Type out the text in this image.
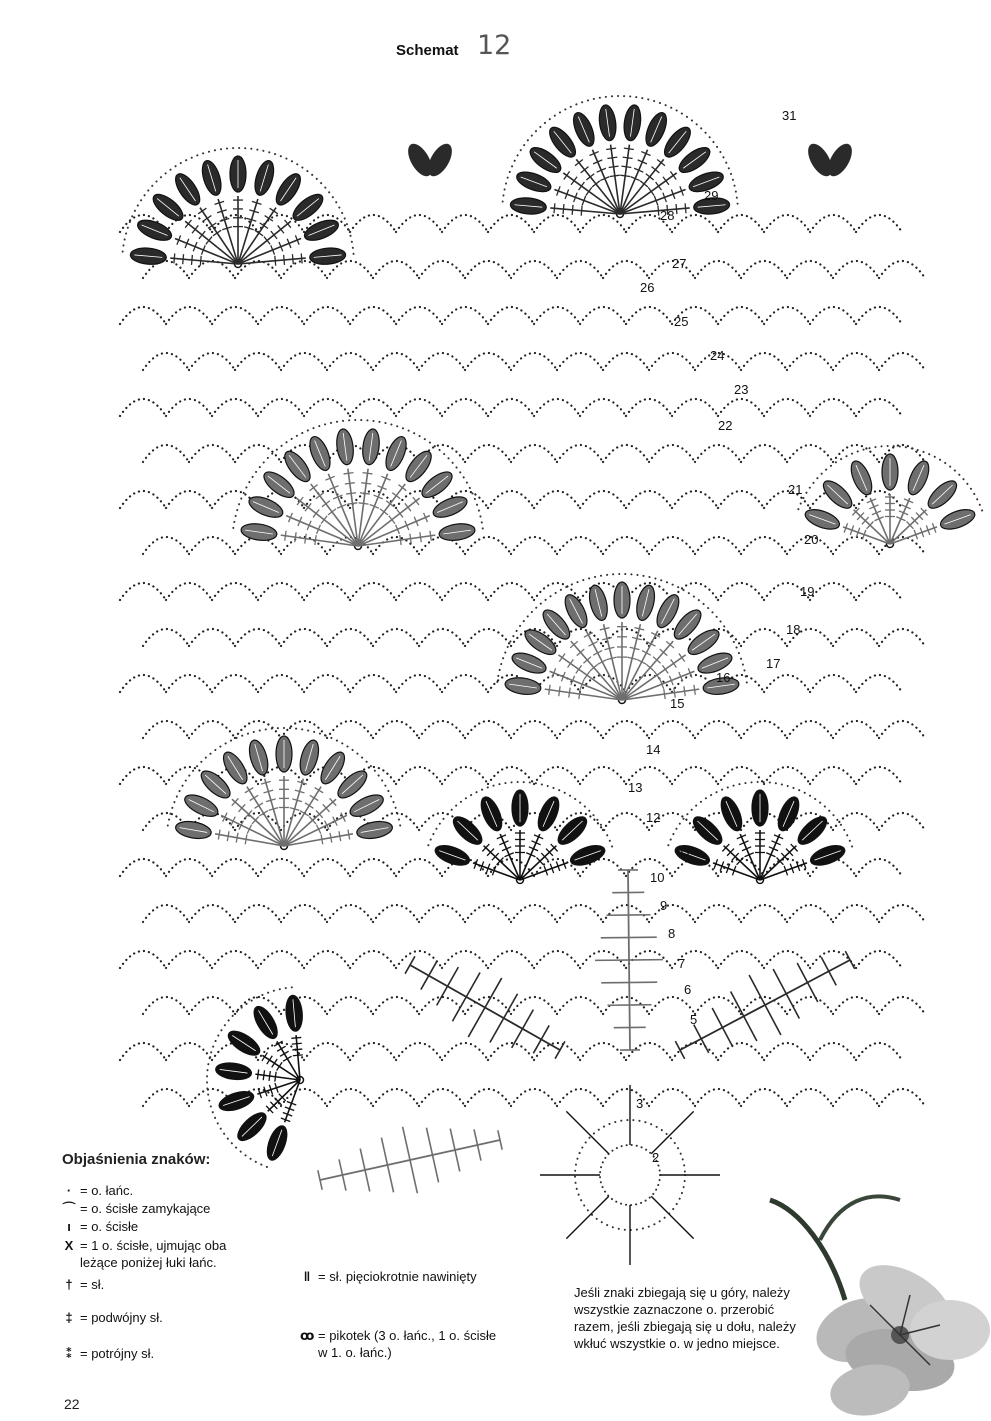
2
3
5
6
7
8
9
10
11
12
13
14
15
16
17
18
19
20
21
22
23
24
25
26
27
28
29
31
Schemat 12
Objaśnienia znaków:
· = o. łańc.
⌒ = o. ścisłe zamykające
ı = o. ścisłe
X = 1 o. ścisłe, ujmując oba
leżące poniżej łuki łańc.
† = sł.
‡ = podwójny sł.
⁑ = potrójny sł.
‖ = sł. pięciokrotnie nawinięty
ꝏ = pikotek (3 o. łańc., 1 o. ścisłe
w 1. o. łańc.)
Jeśli znaki zbiegają się u góry, należy wszystkie zaznaczone o. przerobić razem, jeśli zbiegają się u dołu, należy wkłuć wszystkie o. w jedno miejsce.
22
